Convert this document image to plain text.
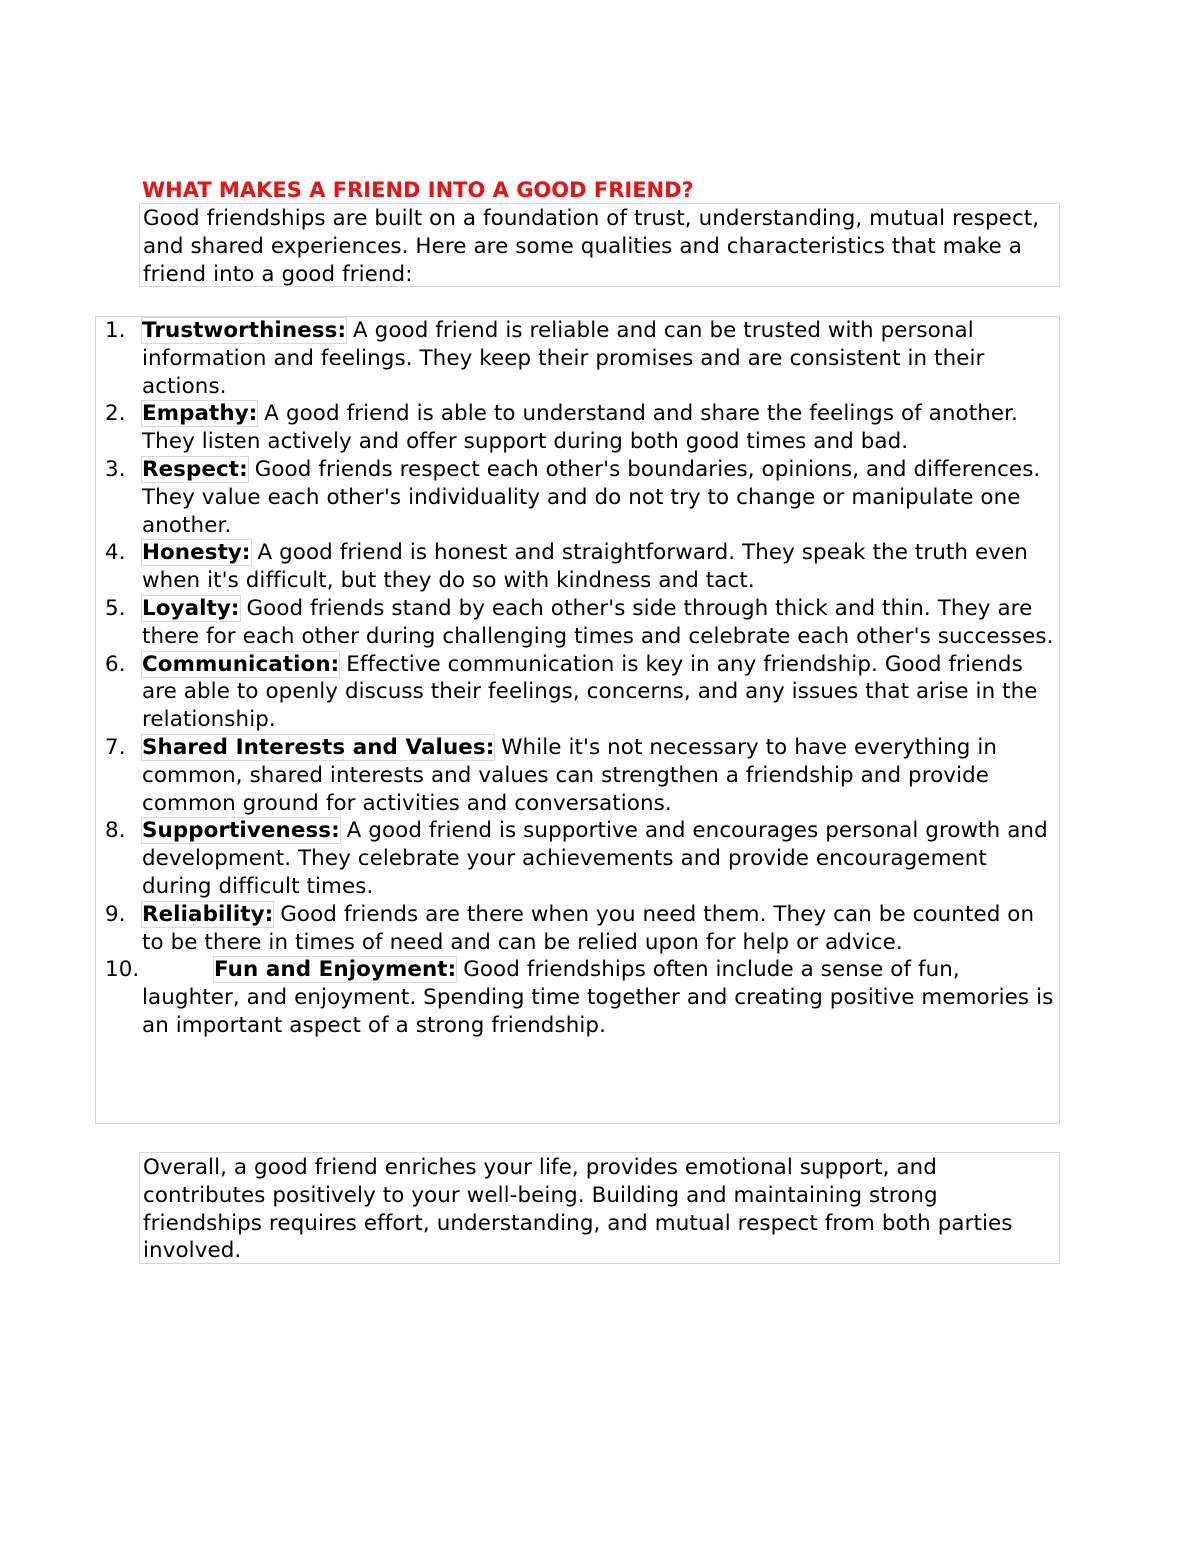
WHAT MAKES A FRIEND INTO A GOOD FRIEND?
Good friendships are built on a foundation of trust, understanding, mutual respect, and shared experiences. Here are some qualities and characteristics that make a friend into a good friend:
1. Trustworthiness: A good friend is reliable and can be trusted with personal information and feelings. They keep their promises and are consistent in their actions.
2. Empathy: A good friend is able to understand and share the feelings of another. They listen actively and offer support during both good times and bad.
3. Respect: Good friends respect each other's boundaries, opinions, and differences. They value each other's individuality and do not try to change or manipulate one another.
4. Honesty: A good friend is honest and straightforward. They speak the truth even when it's difficult, but they do so with kindness and tact.
5. Loyalty: Good friends stand by each other's side through thick and thin. They are there for each other during challenging times and celebrate each other's successes.
6. Communication: Effective communication is key in any friendship. Good friends are able to openly discuss their feelings, concerns, and any issues that arise in the relationship.
7. Shared Interests and Values: While it's not necessary to have everything in common, shared interests and values can strengthen a friendship and provide common ground for activities and conversations.
8. Supportiveness: A good friend is supportive and encourages personal growth and development. They celebrate your achievements and provide encouragement during difficult times.
9. Reliability: Good friends are there when you need them. They can be counted on to be there in times of need and can be relied upon for help or advice.
10.	Fun and Enjoyment: Good friendships often include a sense of fun, laughter, and enjoyment. Spending time together and creating positive memories is an important aspect of a strong friendship.
Overall, a good friend enriches your life, provides emotional support, and contributes positively to your well-being. Building and maintaining strong friendships requires effort, understanding, and mutual respect from both parties involved.
